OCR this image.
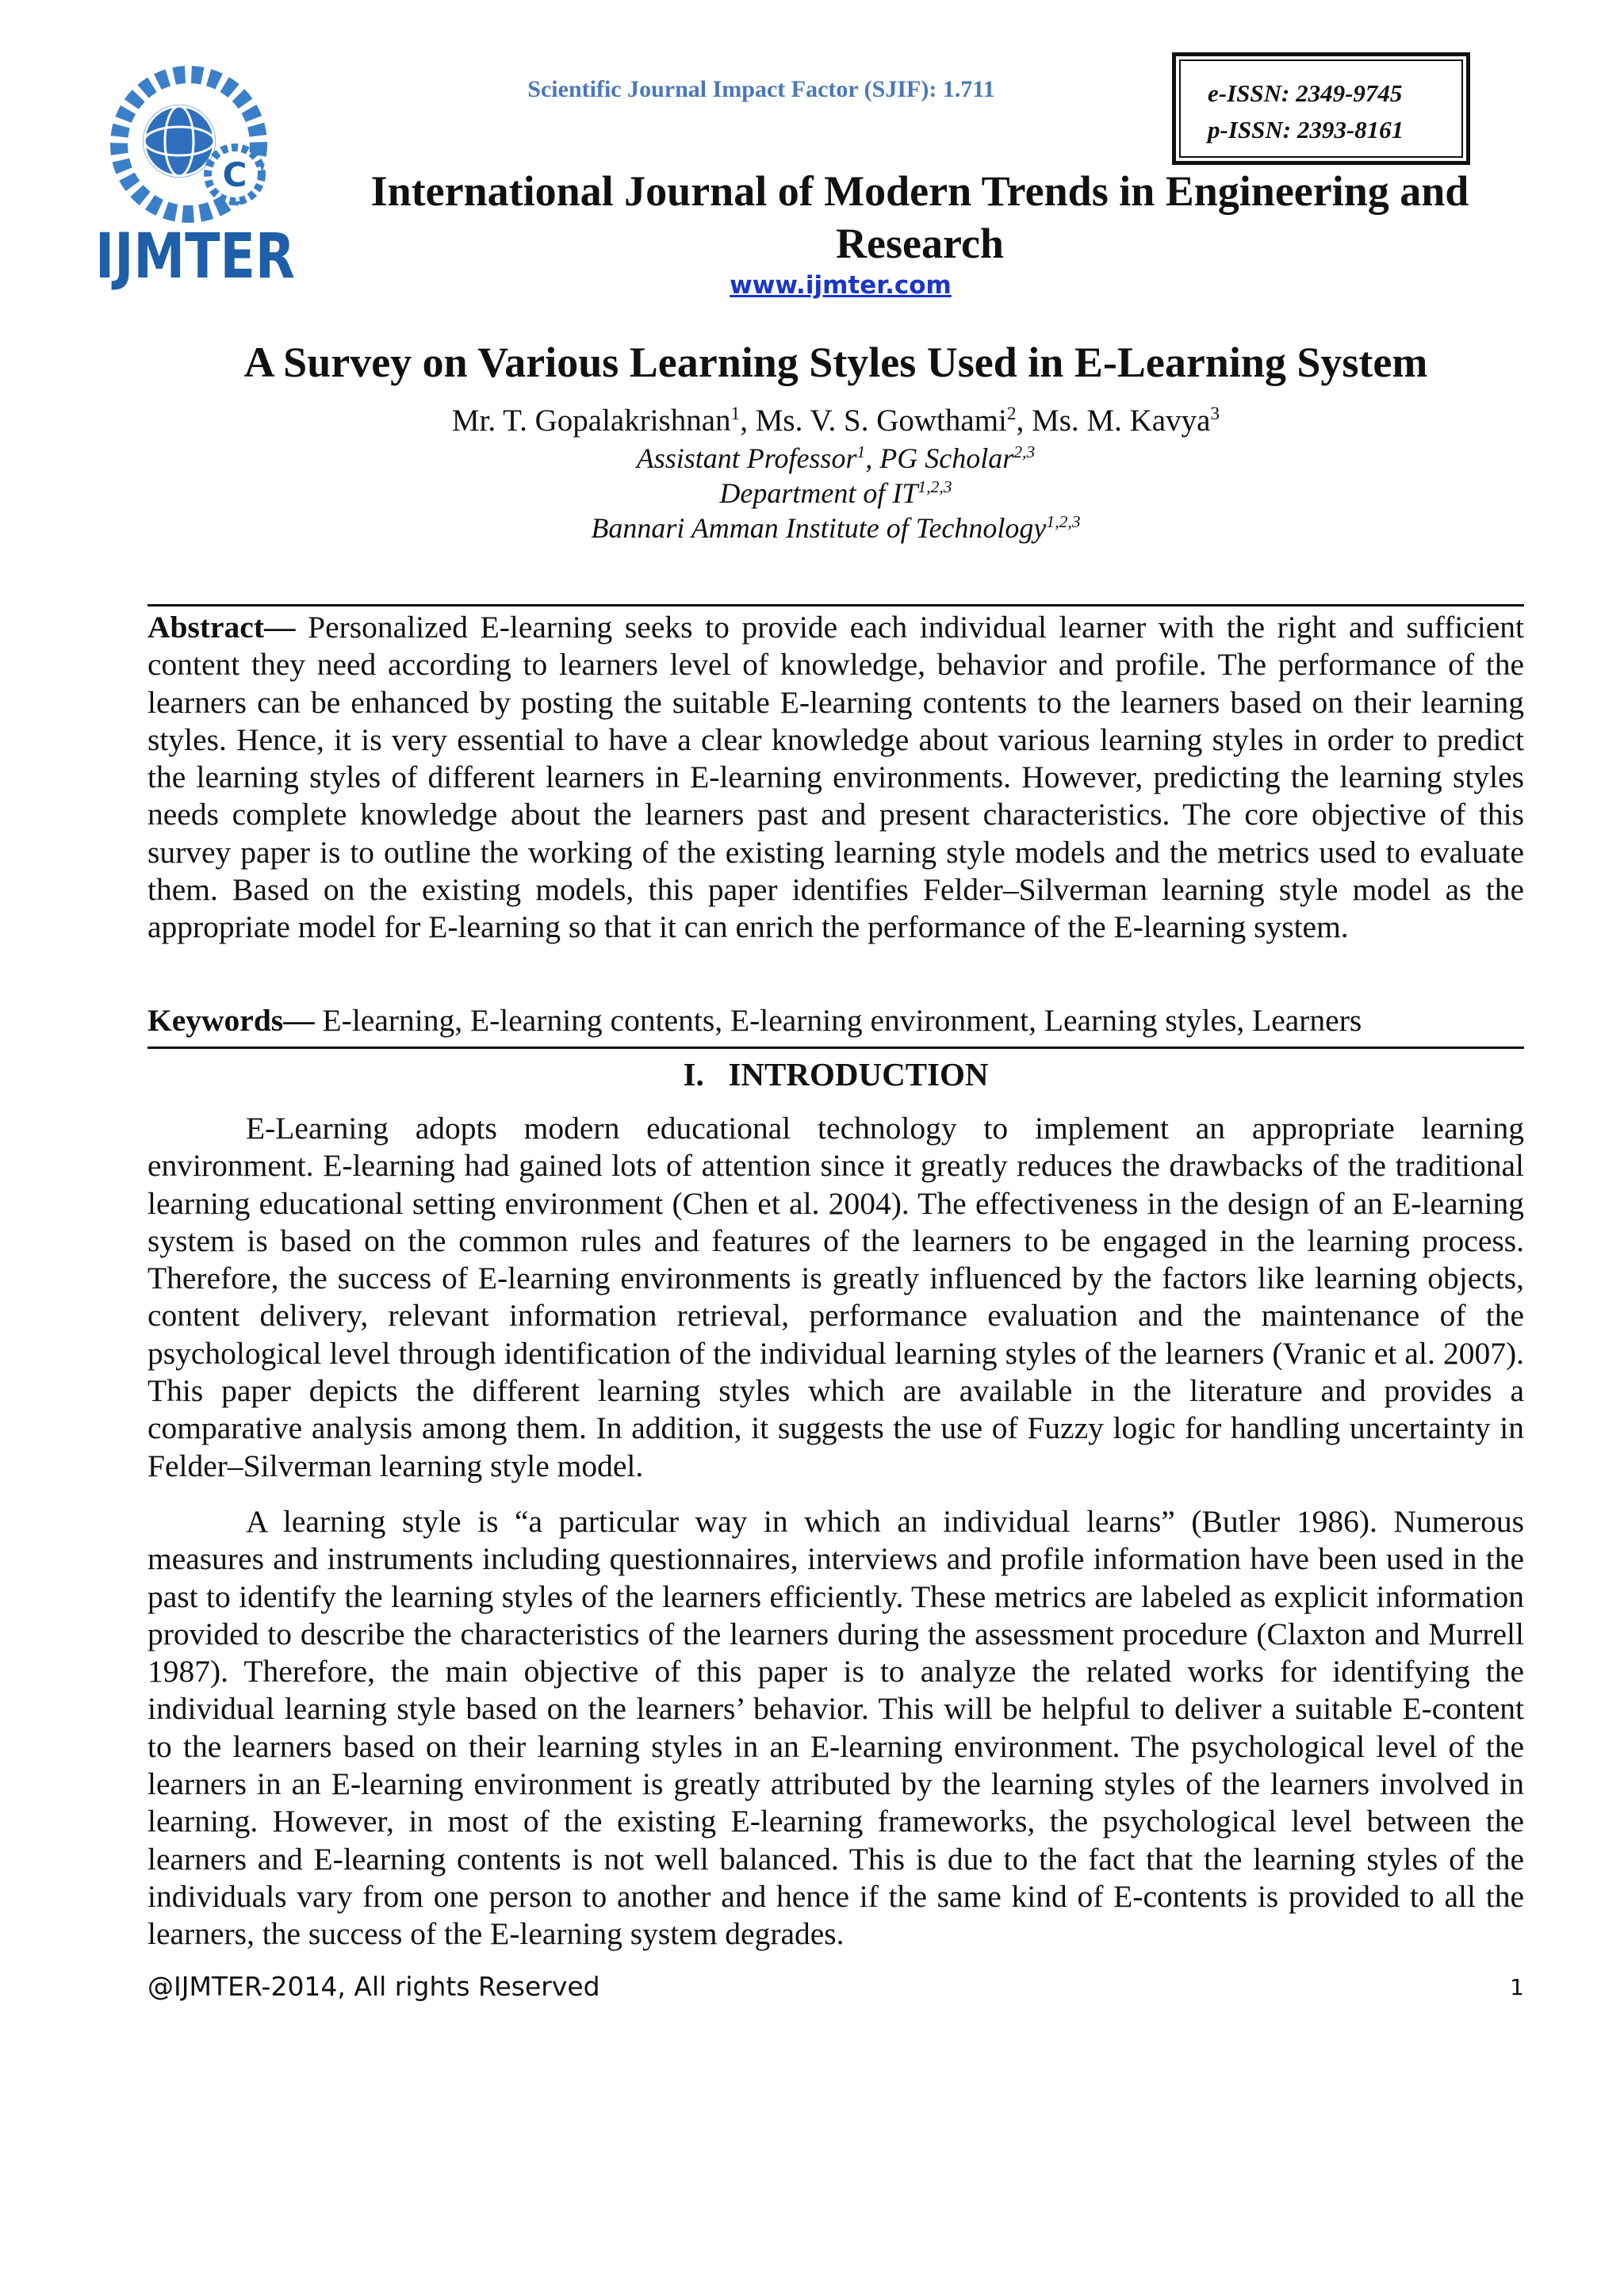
C
IJMTER
Scientific Journal Impact Factor (SJIF): 1.711	e-ISSN: 2349-9745
p-ISSN: 2393-8161
International Journal of Modern Trends in Engineering and Research
www.ijmter.com
A Survey on Various Learning Styles Used in E-Learning System
Mr. T. Gopalakrishnan$^1$, Ms. V. S. Gowthami$^2$, Ms. M. Kavya$^3$
Assistant Professor$^1$, PG Scholar$^{2,3}$
Department of IT$^{1,2,3}$
Bannari Amman Institute of Technology$^{1,2,3}$
Abstract— Personalized E-learning seeks to provide each individual learner with the right and sufficient content they need according to learners level of knowledge, behavior and profile. The performance of the learners can be enhanced by posting the suitable E-learning contents to the learners based on their learning styles. Hence, it is very essential to have a clear knowledge about various learning styles in order to predict the learning styles of different learners in E-learning environments. However, predicting the learning styles needs complete knowledge about the learners past and present characteristics. The core objective of this survey paper is to outline the working of the existing learning style models and the metrics used to evaluate them. Based on the existing models, this paper identifies Felder–Silverman learning style model as the appropriate model for E-learning so that it can enrich the performance of the E-learning system.
Keywords— E-learning, E-learning contents, E-learning environment, Learning styles, Learners
I.   INTRODUCTION
E-Learning adopts modern educational technology to implement an appropriate learning environment. E-learning had gained lots of attention since it greatly reduces the drawbacks of the traditional learning educational setting environment (Chen et al. 2004). The effectiveness in the design of an E-learning system is based on the common rules and features of the learners to be engaged in the learning process. Therefore, the success of E-learning environments is greatly influenced by the factors like learning objects, content delivery, relevant information retrieval, performance evaluation and the maintenance of the psychological level through identification of the individual learning styles of the learners (Vranic et al. 2007). This paper depicts the different learning styles which are available in the literature and provides a comparative analysis among them. In addition, it suggests the use of Fuzzy logic for handling uncertainty in Felder–Silverman learning style model.
A learning style is “a particular way in which an individual learns” (Butler 1986). Numerous measures and instruments including questionnaires, interviews and profile information have been used in the past to identify the learning styles of the learners efficiently. These metrics are labeled as explicit information provided to describe the characteristics of the learners during the assessment procedure (Claxton and Murrell 1987). Therefore, the main objective of this paper is to analyze the related works for identifying the individual learning style based on the learners’ behavior. This will be helpful to deliver a suitable E-content to the learners based on their learning styles in an E-learning environment. The psychological level of the learners in an E-learning environment is greatly attributed by the learning styles of the learners involved in learning. However, in most of the existing E-learning frameworks, the psychological level between the learners and E-learning contents is not well balanced. This is due to the fact that the learning styles of the individuals vary from one person to another and hence if the same kind of E-contents is provided to all the learners, the success of the E-learning system degrades.
@IJMTER-2014, All rights Reserved	1
